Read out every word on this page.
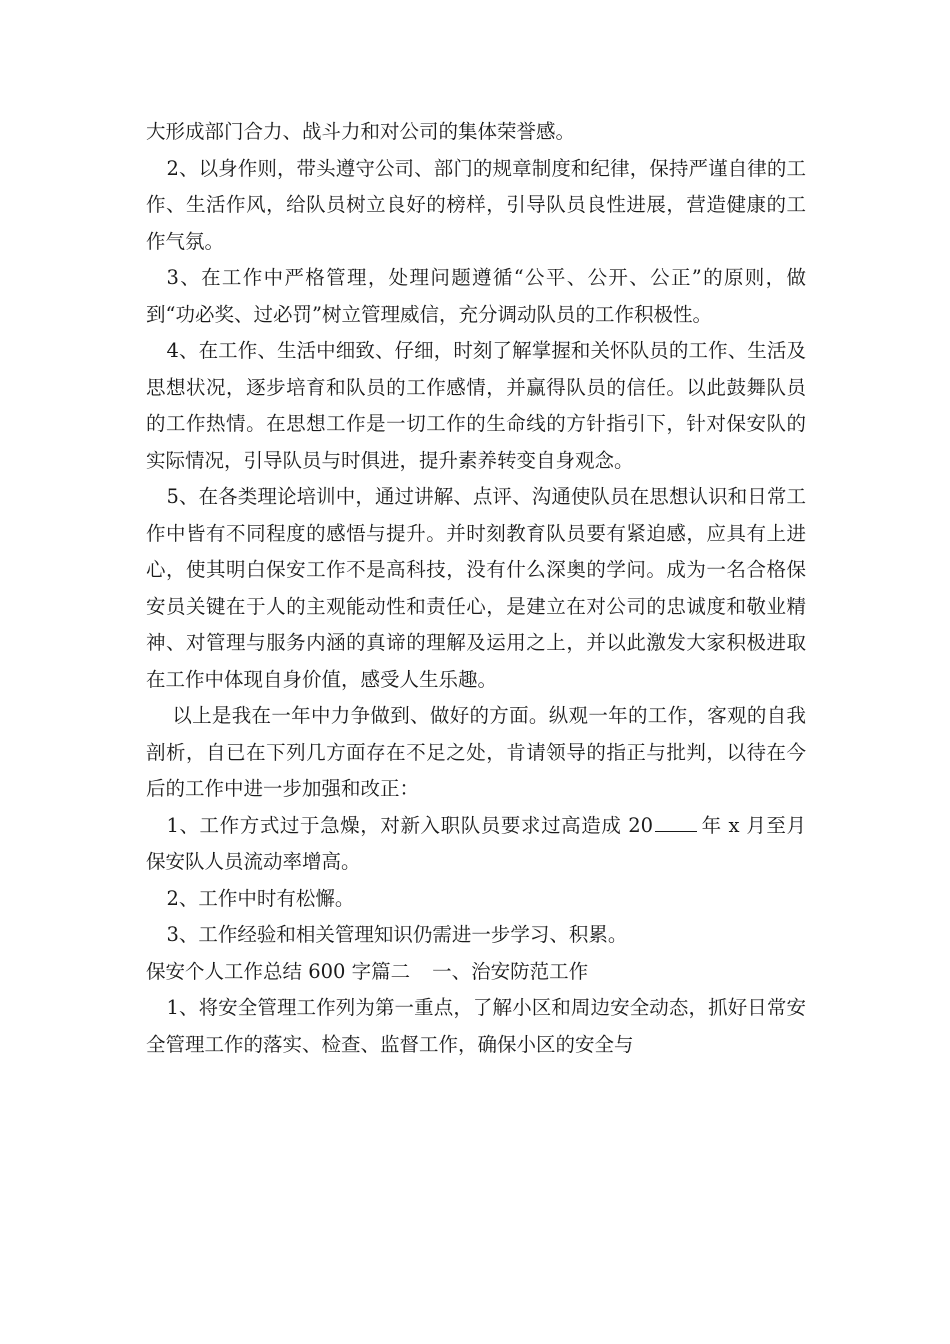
大形成部门合力、战斗力和对公司的集体荣誉感。

2、以身作则，带头遵守公司、部门的规章制度和纪律，保持严谨自律的工作、生活作风，给队员树立良好的榜样，引导队员良性进展，营造健康的工作气氛。

3、在工作中严格管理，处理问题遵循“公平、公开、公正”的原则，做到“功必奖、过必罚”树立管理威信，充分调动队员的工作积极性。

4、在工作、生活中细致、仔细，时刻了解掌握和关怀队员的工作、生活及思想状况，逐步培育和队员的工作感情，并赢得队员的信任。以此鼓舞队员的工作热情。在思想工作是一切工作的生命线的方针指引下，针对保安队的实际情况，引导队员与时俱进，提升素养转变自身观念。

5、在各类理论培训中，通过讲解、点评、沟通使队员在思想认识和日常工作中皆有不同程度的感悟与提升。并时刻教育队员要有紧迫感，应具有上进心，使其明白保安工作不是高科技，没有什么深奥的学问。成为一名合格保安员关键在于人的主观能动性和责任心，是建立在对公司的忠诚度和敬业精神、对管理与服务内涵的真谛的理解及运用之上，并以此激发大家积极进取在工作中体现自身价值，感受人生乐趣。

以上是我在一年中力争做到、做好的方面。纵观一年的工作，客观的自我剖析，自已在下列几方面存在不足之处，肯请领导的指正与批判，以待在今后的工作中进一步加强和改正：

1、工作方式过于急燥，对新入职队员要求过高造成 20 年 x 月至月保安队人员流动率增高。

2、工作中时有松懈。

3、工作经验和相关管理知识仍需进一步学习、积累。

保安个人工作总结 600 字篇二 一、治安防范工作

1、将安全管理工作列为第一重点，了解小区和周边安全动态，抓好日常安全管理工作的落实、检查、监督工作，确保小区的安全与
